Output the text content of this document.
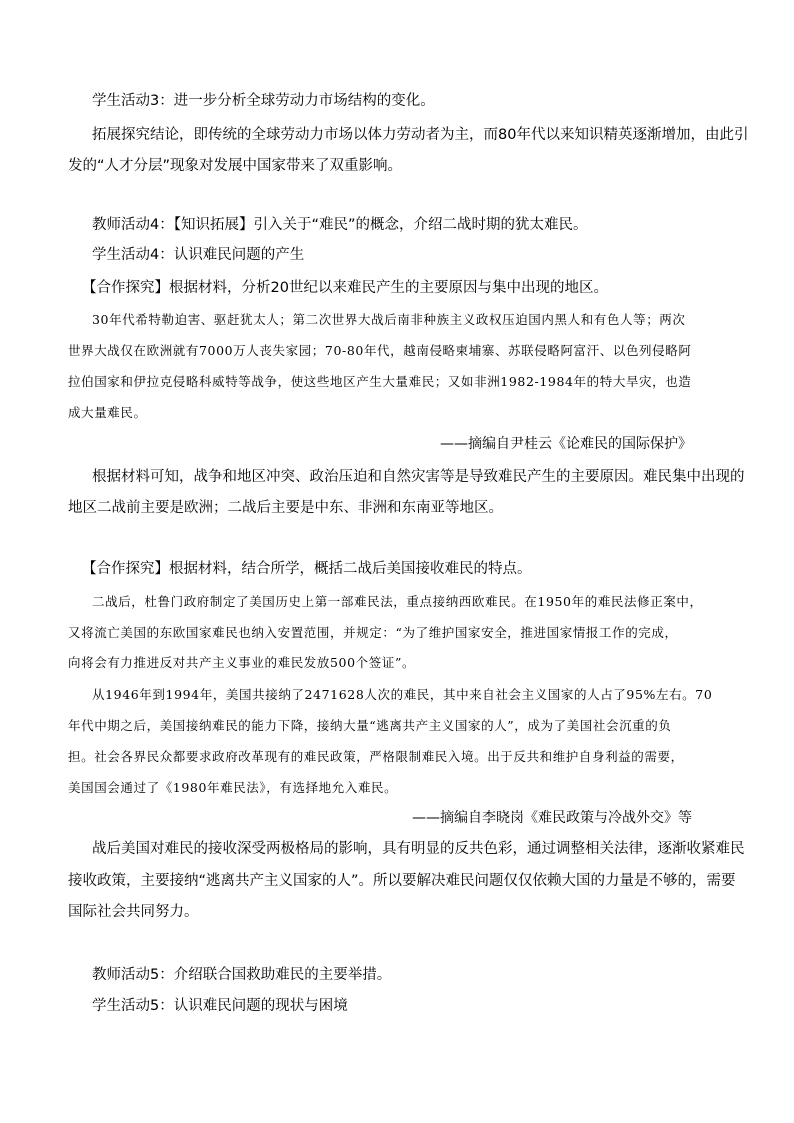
学生活动3：进一步分析全球劳动力市场结构的变化。
拓展探究结论，即传统的全球劳动力市场以体力劳动者为主，而80年代以来知识精英逐渐增加，由此引
发的“人才分层”现象对发展中国家带来了双重影响。
教师活动4：【知识拓展】引入关于“难民”的概念，介绍二战时期的犹太难民。
学生活动4：认识难民问题的产生
【合作探究】根据材料，分析20世纪以来难民产生的主要原因与集中出现的地区。
30年代希特勒迫害、驱赶犹太人；第二次世界大战后南非种族主义政权压迫国内黑人和有色人等；两次
世界大战仅在欧洲就有7000万人丧失家园；70-80年代，越南侵略柬埔寨、苏联侵略阿富汗、以色列侵略阿
拉伯国家和伊拉克侵略科威特等战争，使这些地区产生大量难民；又如非洲1982-1984年的特大旱灾，也造
成大量难民。
——摘编自尹桂云《论难民的国际保护》
根据材料可知，战争和地区冲突、政治压迫和自然灾害等是导致难民产生的主要原因。难民集中出现的
地区二战前主要是欧洲；二战后主要是中东、非洲和东南亚等地区。
【合作探究】根据材料，结合所学，概括二战后美国接收难民的特点。
二战后，杜鲁门政府制定了美国历史上第一部难民法，重点接纳西欧难民。在1950年的难民法修正案中，
又将流亡美国的东欧国家难民也纳入安置范围，并规定：“为了维护国家安全，推进国家情报工作的完成，
向将会有力推进反对共产主义事业的难民发放500个签证”。
从1946年到1994年，美国共接纳了2471628人次的难民，其中来自社会主义国家的人占了95%左右。70
年代中期之后，美国接纳难民的能力下降，接纳大量“逃离共产主义国家的人”，成为了美国社会沉重的负
担。社会各界民众都要求政府改革现有的难民政策，严格限制难民入境。出于反共和维护自身利益的需要，
美国国会通过了《1980年难民法》，有选择地允入难民。
——摘编自李晓岗《难民政策与冷战外交》等
战后美国对难民的接收深受两极格局的影响，具有明显的反共色彩，通过调整相关法律，逐渐收紧难民
接收政策，主要接纳“逃离共产主义国家的人”。所以要解决难民问题仅仅依赖大国的力量是不够的，需要
国际社会共同努力。
教师活动5：介绍联合国救助难民的主要举措。
学生活动5：认识难民问题的现状与困境
